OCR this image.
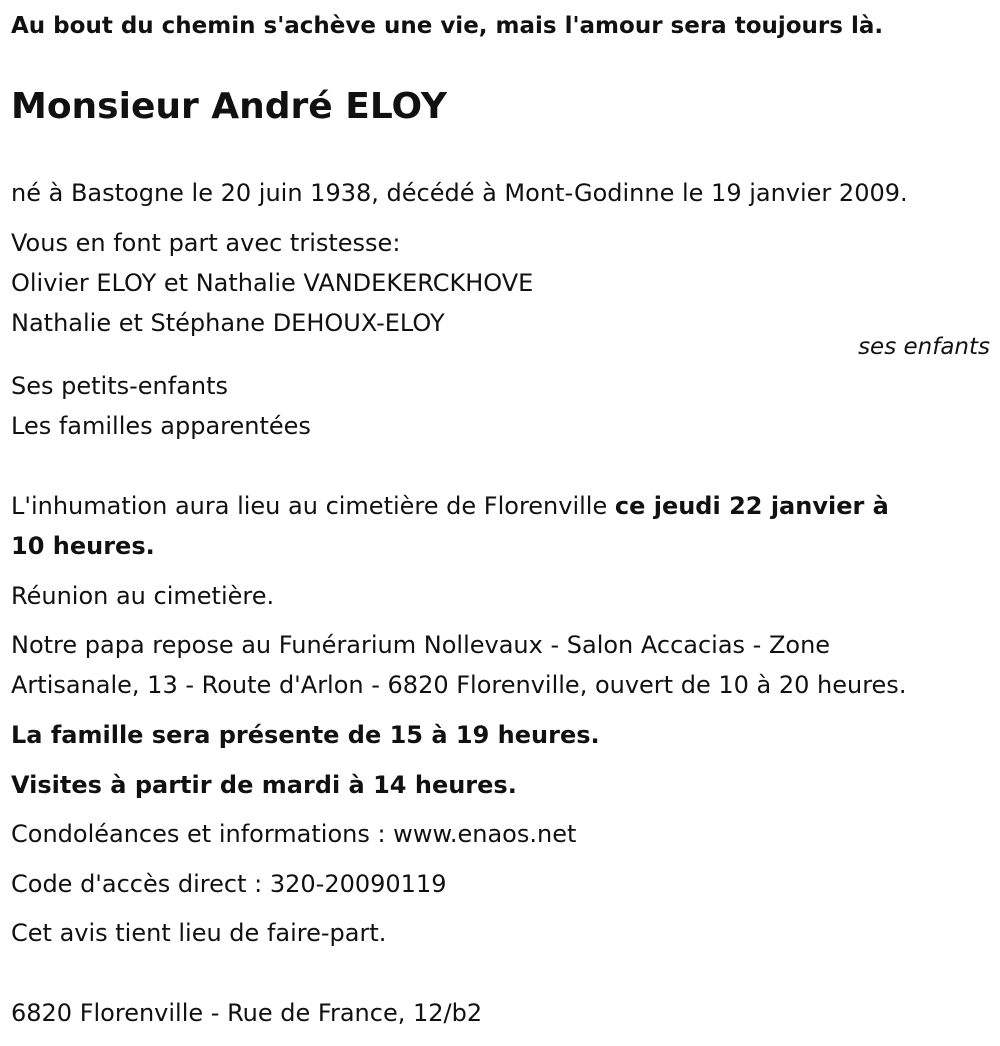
Au bout du chemin s'achève une vie, mais l'amour sera toujours là.
Monsieur André ELOY
né à Bastogne le 20 juin 1938, décédé à Mont-Godinne le 19 janvier 2009.
Vous en font part avec tristesse:
Olivier ELOY et Nathalie VANDEKERCKHOVE
Nathalie et Stéphane DEHOUX-ELOY
ses enfants
Ses petits-enfants
Les familles apparentées
L'inhumation aura lieu au cimetière de Florenville ce jeudi 22 janvier à
10 heures.
Réunion au cimetière.
Notre papa repose au Funérarium Nollevaux - Salon Accacias - Zone
Artisanale, 13 - Route d'Arlon - 6820 Florenville, ouvert de 10 à 20 heures.
La famille sera présente de 15 à 19 heures.
Visites à partir de mardi à 14 heures.
Condoléances et informations : www.enaos.net
Code d'accès direct : 320-20090119
Cet avis tient lieu de faire-part.
6820 Florenville - Rue de France, 12/b2
